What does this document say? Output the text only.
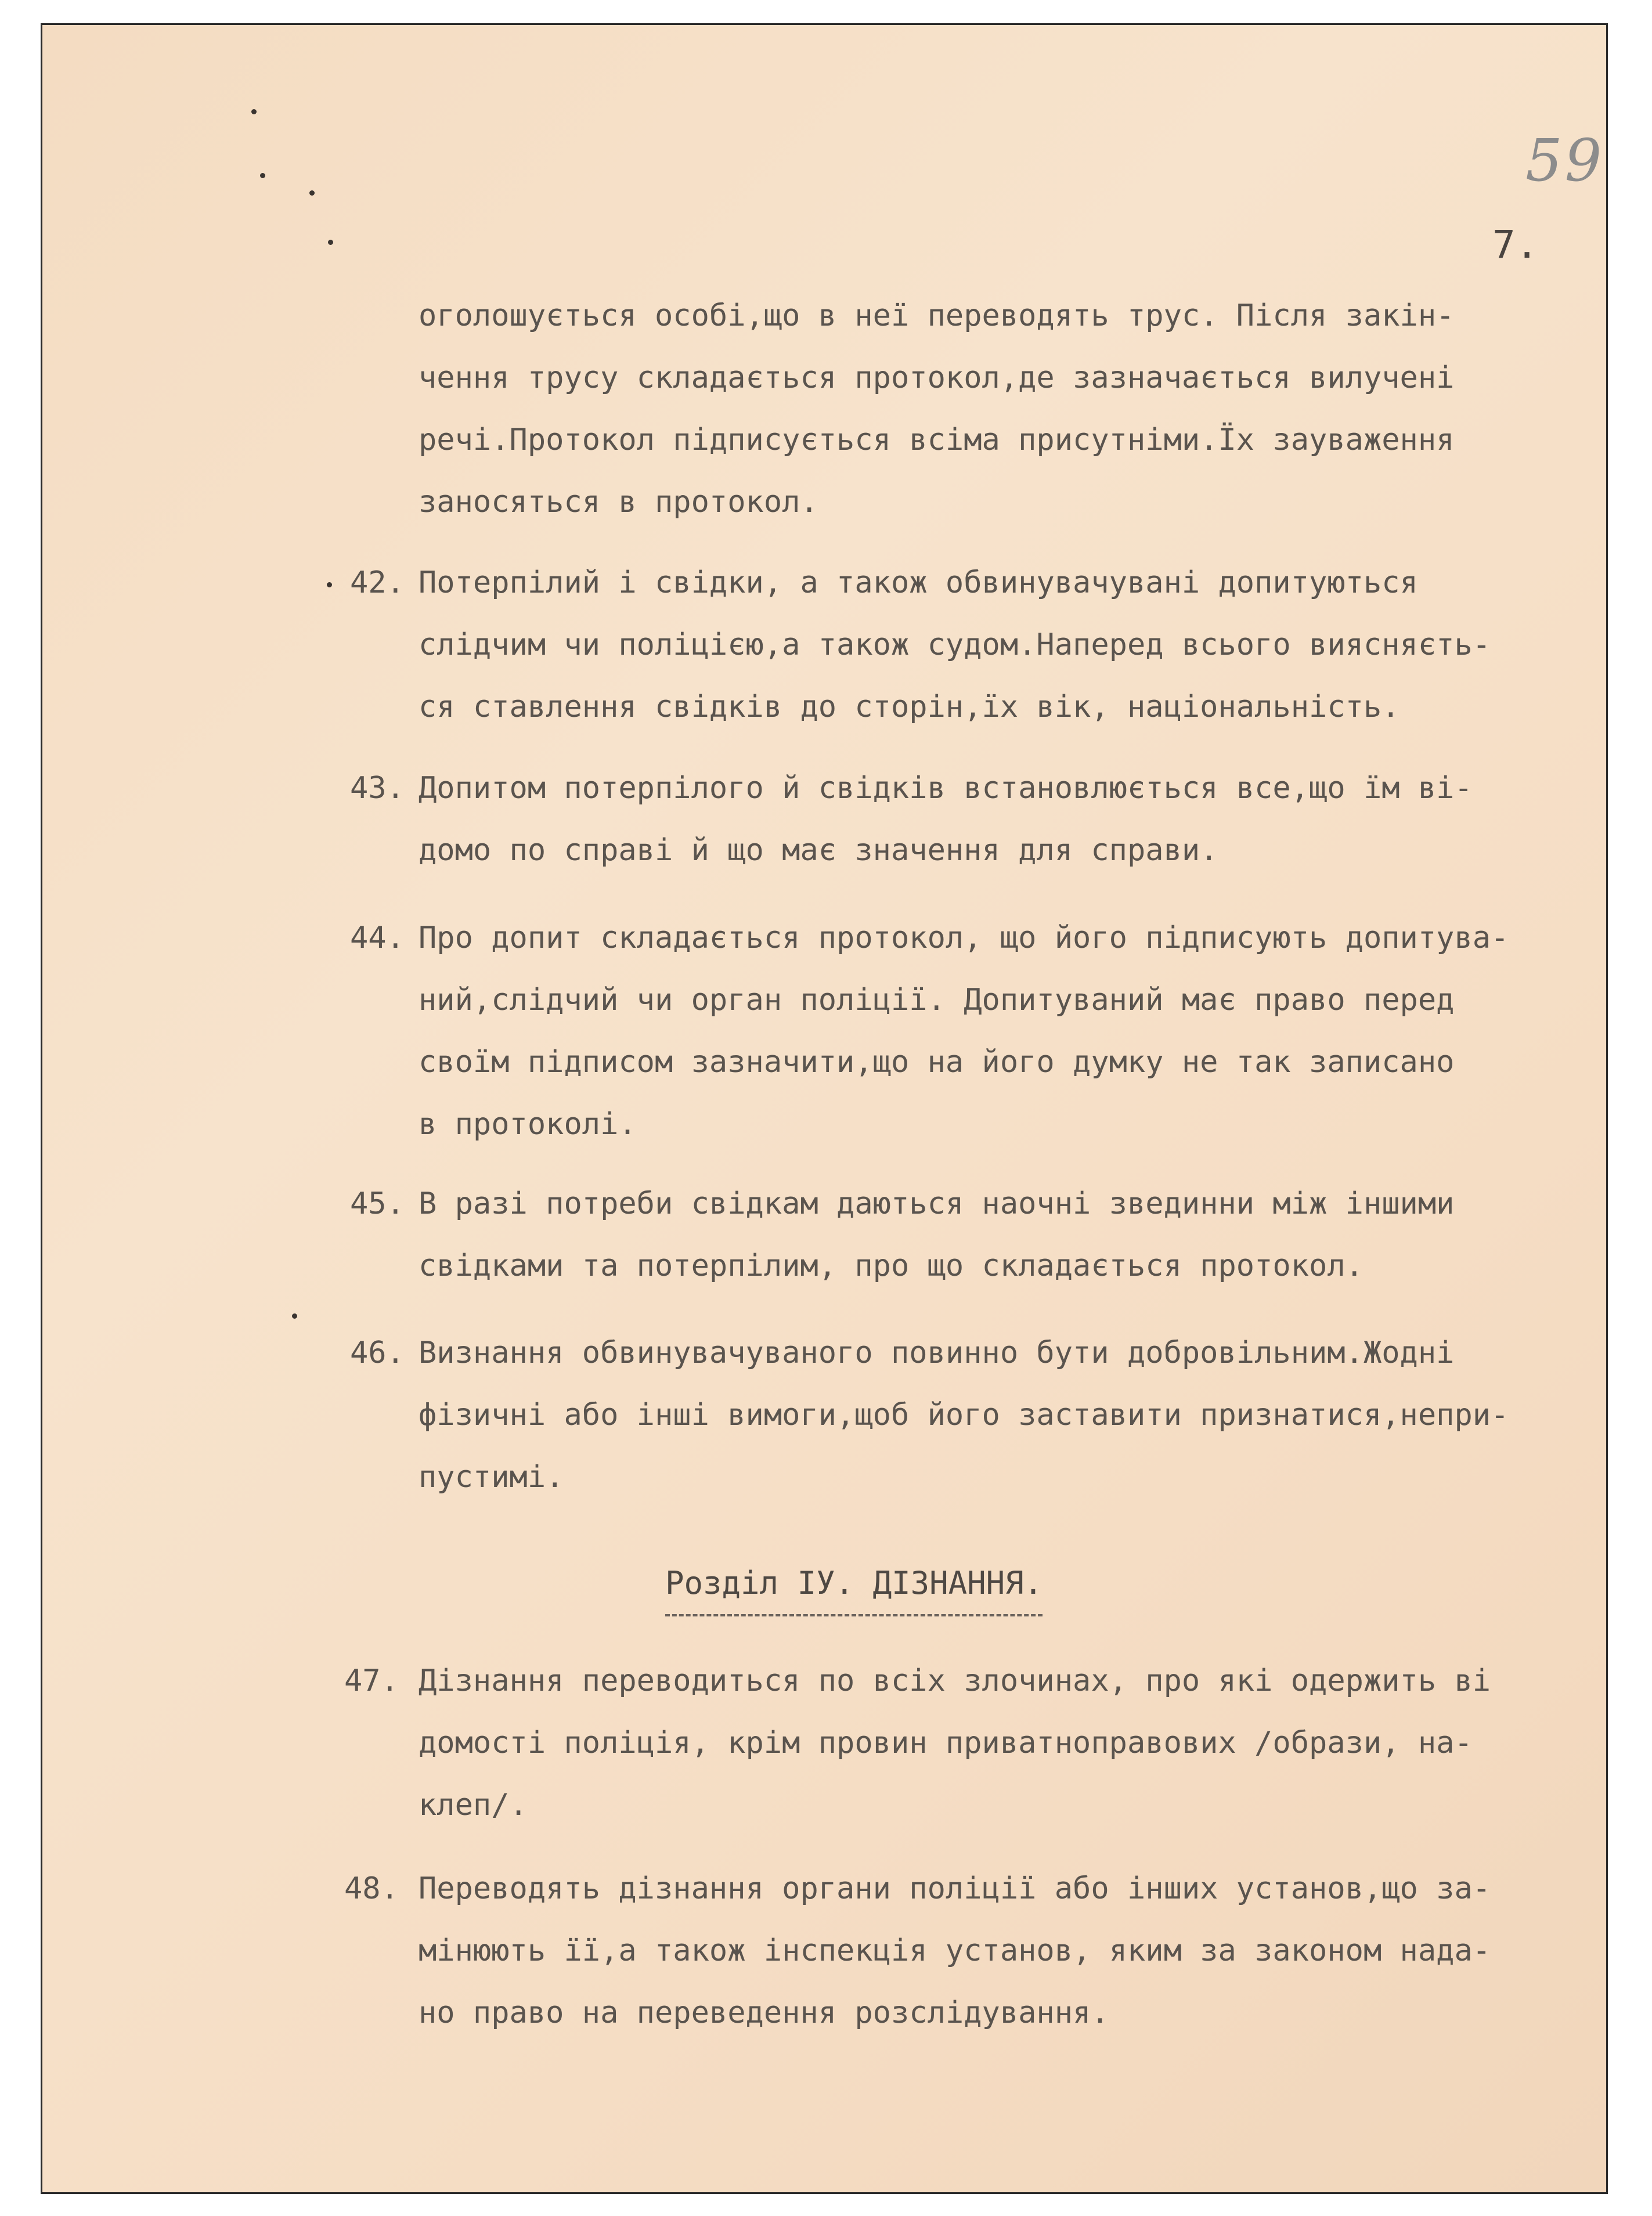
59
7.
оголошується особі,що в неї переводять трус. Після закін-
чення трусу складається протокол,де зазначається вилучені
речі.Протокол підписується всіма присутніми.Їх зауваження
заносяться в протокол.
42. Потерпілий і свідки, а також обвинувачувані допитуються
слідчим чи поліцією,а також судом.Наперед всього виясняєть-
ся ставлення свідків до сторін,їх вік, національність.
43. Допитом потерпілого й свідків встановлюється все,що їм ві-
домо по справі й що має значення для справи.
44. Про допит складається протокол, що його підписують допитува-
ний,слідчий чи орган поліції. Допитуваний має право перед
своїм підписом зазначити,що на його думку не так записано
в протоколі.
45. В разі потреби свідкам даються наочні звединни між іншими
свідками та потерпілим, про що складається протокол.
46. Визнання обвинувачуваного повинно бути добровільним.Жодні
фізичні або інші вимоги,щоб його заставити признатися,непри-
пустимі.
Розділ IУ. ДІЗНАННЯ.
47. Дізнання переводиться по всіх злочинах, про які одержить ві
домості поліція, крім провин приватноправових /образи, на-
клеп/.
48. Переводять дізнання органи поліції або інших установ,що за-
мінюють її,а також інспекція установ, яким за законом нада-
но право на переведення розслідування.
